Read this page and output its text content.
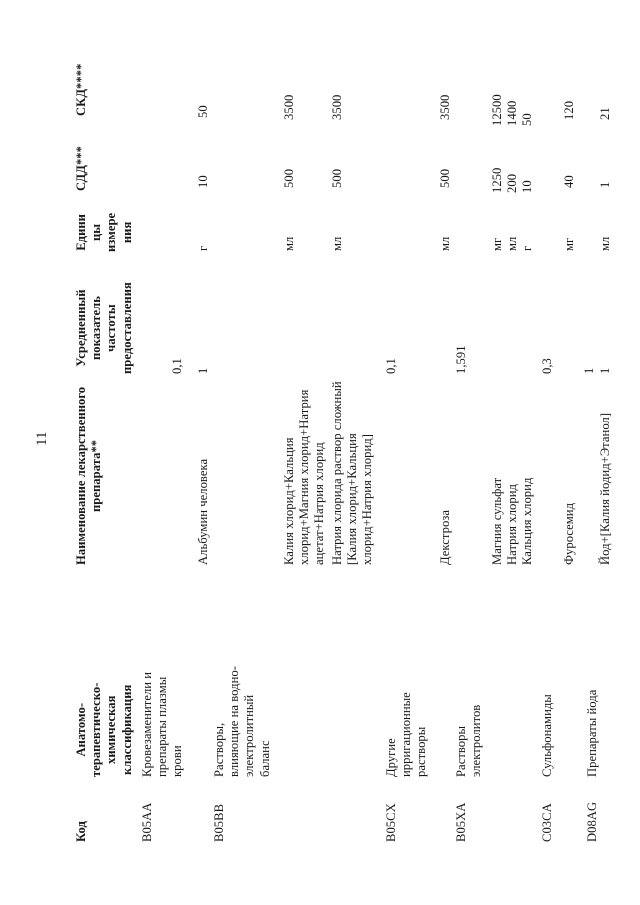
11
Код
Анатомо-
терапевтическо-
химическая
классификация
Наименование лекарственного
препарата**
Усредненный
показатель
частоты
предоставления
Едини
цы
измере
ния
СДД***
СКД****
B05AA
Кровезаменители и
препараты плазмы
крови
0,1
Альбумин человека
1
г
10
50
B05BB
Растворы,
влияющие на водно-
электролитный
баланс
Калия хлорид+Кальция
хлорид+Магния хлорид+Натрия
ацетат+Натрия хлорид
мл
500
3500
Натрия хлорида раствор сложный
[Калия хлорид+Кальция
хлорид+Натрия хлорид]
мл
500
3500
B05CX
Другие
ирригационные
растворы
0,1
Декстроза
1,591
мл
500
3500
B05XA
Растворы
электролитов
Магния сульфат
Натрия хлорид
Кальция хлорид
мг
мл
г
1250
200
10
12500
1400
50
C03CA
Сульфонамиды
0,3
Фуросемид
1
мг
40
120
D08AG
Препараты йода
Йод+[Калия йодид+Этанол]
1
мл
1
21
